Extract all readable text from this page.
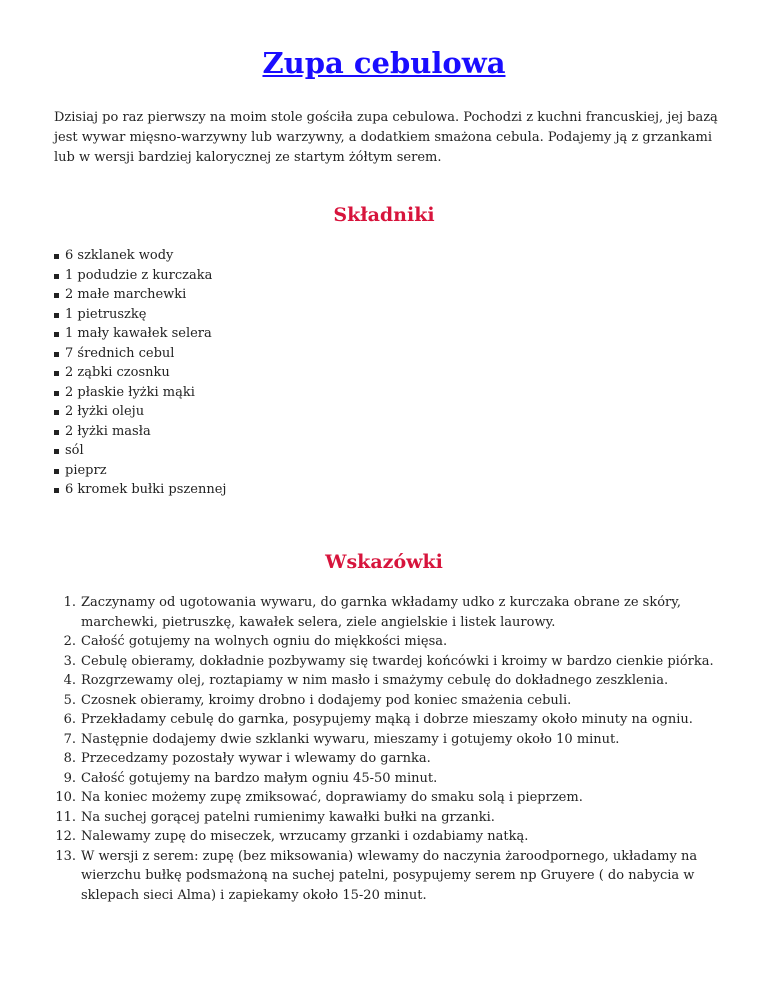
Zupa cebulowa

Dzisiaj po raz pierwszy na moim stole gościła zupa cebulowa. Pochodzi z kuchni francuskiej, jej bazą jest wywar mięsno-warzywny lub warzywny, a dodatkiem smażona cebula. Podajemy ją z grzankami lub w wersji bardziej kalorycznej ze startym żółtym serem.

Składniki
6 szklanek wody
1 podudzie z kurczaka
2 małe marchewki
1 pietruszkę
1 mały kawałek selera
7 średnich cebul
2 ząbki czosnku
2 płaskie łyżki mąki
2 łyżki oleju
2 łyżki masła
sól
pieprz
6 kromek bułki pszennej
Wskazówki
1. Zaczynamy od ugotowania wywaru, do garnka wkładamy udko z kurczaka obrane ze skóry, marchewki, pietruszkę, kawałek selera, ziele angielskie i listek laurowy.
2. Całość gotujemy na wolnych ogniu do miękkości mięsa.
3. Cebulę obieramy, dokładnie pozbywamy się twardej końcówki i kroimy w bardzo cienkie piórka.
4. Rozgrzewamy olej, roztapiamy w nim masło i smażymy cebulę do dokładnego zeszklenia.
5. Czosnek obieramy, kroimy drobno i dodajemy pod koniec smażenia cebuli.
6. Przekładamy cebulę do garnka, posypujemy mąką i dobrze mieszamy około minuty na ogniu.
7. Następnie dodajemy dwie szklanki wywaru, mieszamy i gotujemy około 10 minut.
8. Przecedzamy pozostały wywar i wlewamy do garnka.
9. Całość gotujemy na bardzo małym ogniu 45-50 minut.
10. Na koniec możemy zupę zmiksować, doprawiamy do smaku solą i pieprzem.
11. Na suchej gorącej patelni rumienimy kawałki bułki na grzanki.
12. Nalewamy zupę do miseczek, wrzucamy grzanki i ozdabiamy natką.
13. W wersji z serem: zupę (bez miksowania) wlewamy do naczynia żaroodpornego, układamy na wierzchu bułkę podsmażoną na suchej patelni, posypujemy serem np Gruyere ( do nabycia w sklepach sieci Alma) i zapiekamy około 15-20 minut.
